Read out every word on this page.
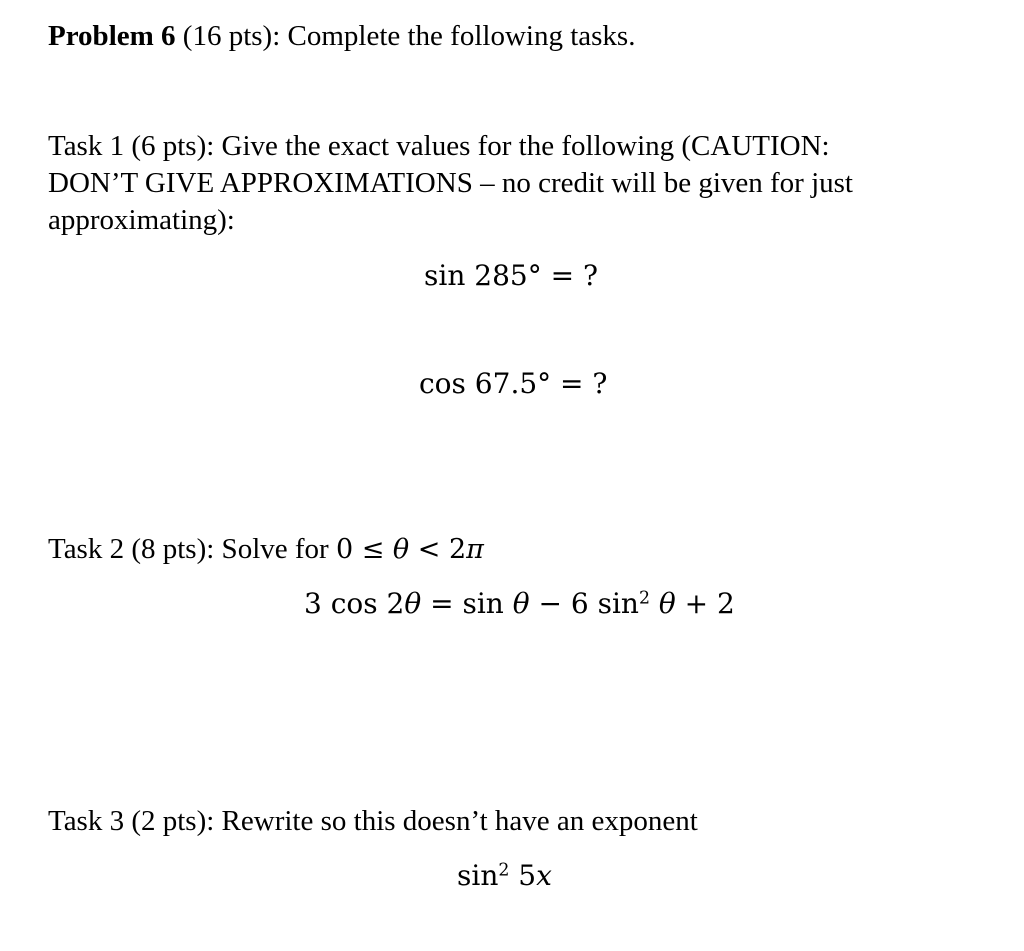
Problem 6 (16 pts): Complete the following tasks.
Task 1 (6 pts): Give the exact values for the following (CAUTION:
DON’T GIVE APPROXIMATIONS – no credit will be given for just
approximating):
sin 285° = ?
cos 67.5° = ?
Task 2 (8 pts): Solve for 0 ≤ θ < 2π
3 cos 2θ = sin θ − 6 $\sin^2 \theta + 2$
Task 3 (2 pts): Rewrite so this doesn’t have an exponent
$\sin^2 5x$
